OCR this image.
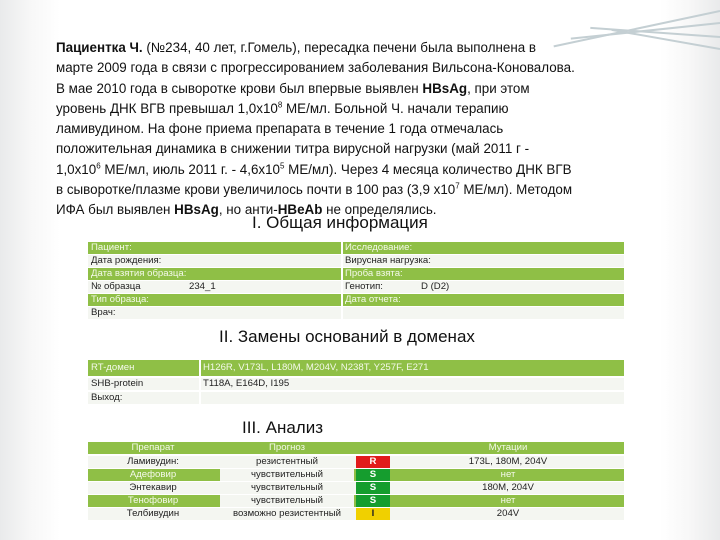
Пациентка Ч. (№234, 40 лет, г.Гомель), пересадка печени была выполнена в
марте 2009 года в связи с прогрессированием заболевания Вильсона-Коновалова.
В мае 2010 года в сыворотке крови был впервые выявлен HBsAg, при этом
уровень ДНК ВГВ превышал $1,0х10^8$ МЕ/мл. Больной Ч. начали терапию
ламивудином. На фоне приема препарата в течение 1 года отмечалась
положительная динамика в снижении титра вирусной нагрузки (май 2011 г -
$1,0х10^6$ МЕ/мл, июль 2011 г. - $4,6х10^5$ МЕ/мл). Через 4 месяца количество ДНК ВГВ
в сыворотке/плазме крови увеличилось почти в 100 раз (3,9 $х10^7$ МЕ/мл). Методом
ИФА был выявлен HBsAg, но анти-HBeAb не определялись.
I. Общая информация
Пациент:	Исследование:
Дата рождения:	Вирусная нагрузка:
Дата взятия образца:	Проба взята:
№ образца	234_1	Генотип:	D (D2)
Тип образца:	Дата отчета:
Врач:
II. Замены оснований в доменах
RT-домен	H126R, V173L, L180M, M204V, N238T, Y257F, E271
SHB-protein	T118A, E164D, I195
Выход:
III. Анализ
Препарат	Прогноз	Мутации
Ламивудин:	резистентный	R	173L, 180M, 204V
Адефовир	чувствительный	S	нет
Энтекавир	чувствительный	S	180M, 204V
Тенофовир	чувствительный	S	нет
Телбивудин	возможно резистентный	I	204V
